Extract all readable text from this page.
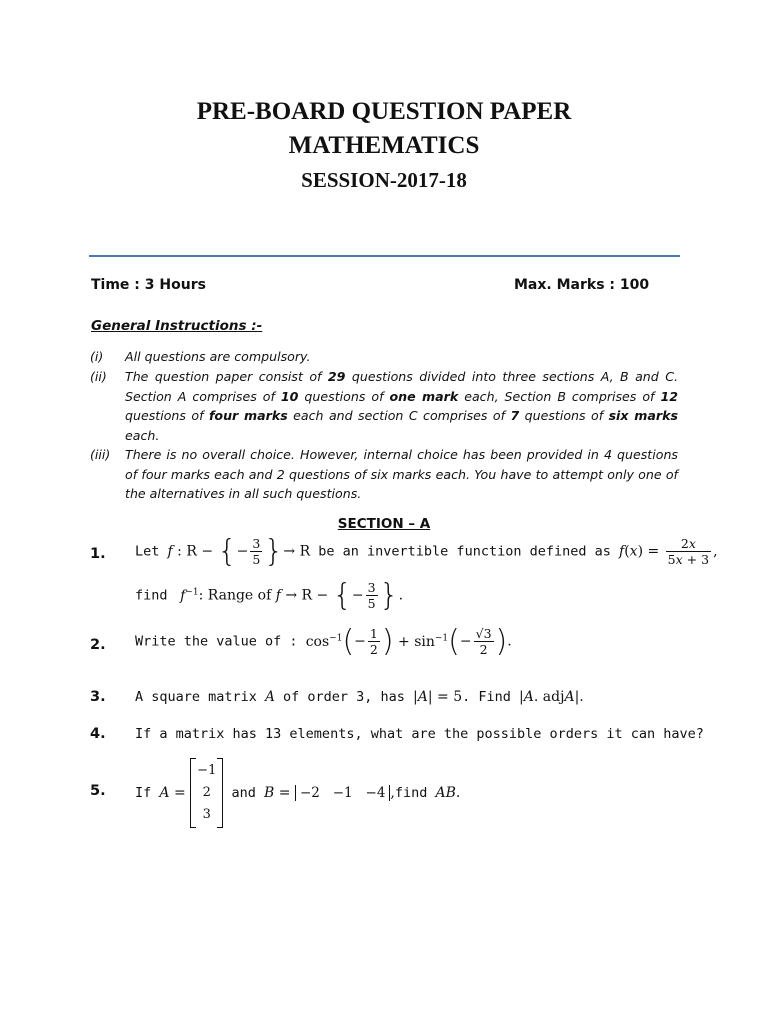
PRE-BOARD QUESTION PAPER
MATHEMATICS
SESSION-2017-18
Time : 3 Hours	Max. Marks : 100
General Instructions :-
(i)	All questions are compulsory.
(ii)	The question paper consist of 29 questions divided into three sections A, B and C. Section A comprises of 10 questions of one mark each, Section B comprises of 12 questions of four marks each and section C comprises of 7 questions of six marks each.
(iii)	There is no overall choice. However, internal choice has been provided in 4 questions of four marks each and 2 questions of six marks each. You have to attempt only one of the alternatives in all such questions.
SECTION – A
1. Let f : R − {− $\frac{3}{5}$ }→ R be an invertible function defined as $f(x) = \frac{2x}{5x + 3}$ ,
find $f^{-1}$: Range of f → R − {− $\frac{3}{5}$ }.
2. Write the value of : $\cos^{-1}(- \frac{1}{2}$ ) + $\sin^{-1}(- \frac{√3}{2}$ ).
3. A square matrix A of order 3, has |A| = 5. Find |A. adjA|.
4. If a matrix has 13 elements, what are the possible orders it can have?
5. If A = −1
2
3 and B = −2   −1   −4 ,find AB.
